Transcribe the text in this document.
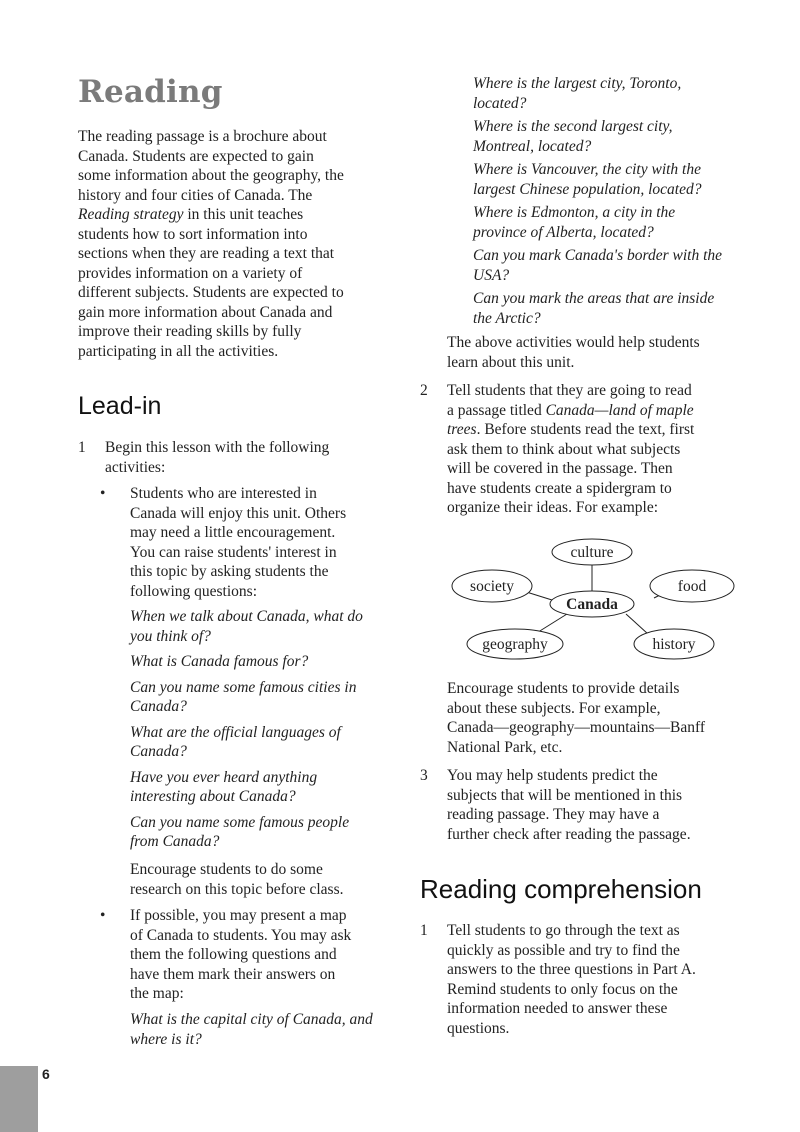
Reading

The reading passage is a brochure about

Canada. Students are expected to gain

some information about the geography, the

history and four cities of Canada. The

Reading strategy in this unit teaches

students how to sort information into

sections when they are reading a text that

provides information on a variety of

different subjects. Students are expected to

gain more information about Canada and

improve their reading skills by fully

participating in all the activities.

Lead-in
1	Begin this lesson with the following

activities:

• Students who are interested in

Canada will enjoy this unit. Others

may need a little encouragement.

You can raise students' interest in

this topic by asking students the

following questions:

When we talk about Canada, what do

you think of?

What is Canada famous for?

Can you name some famous cities in

Canada?

What are the official languages of

Canada?

Have you ever heard anything

interesting about Canada?

Can you name some famous people

from Canada?

Encourage students to do some

research on this topic before class.

• If possible, you may present a map

of Canada to students. You may ask

them the following questions and

have them mark their answers on

the map:

What is the capital city of Canada, and

where is it?

Where is the largest city, Toronto,

located?

Where is the second largest city,

Montreal, located?

Where is Vancouver, the city with the

largest Chinese population, located?

Where is Edmonton, a city in the

province of Alberta, located?

Can you mark Canada's border with the

USA?

Can you mark the areas that are inside

the Arctic?

The above activities would help students

learn about this unit.

2	Tell students that they are going to read

a passage titled Canada—land of maple

trees. Before students read the text, first

ask them to think about what subjects

will be covered in the passage. Then

have students create a spidergram to

organize their ideas. For example:

culture
society
Canada
food
geography	history

Encourage students to provide details

about these subjects. For example,

Canada—geography—mountains—Banff

National Park, etc.

3	You may help students predict the

subjects that will be mentioned in this

reading passage. They may have a

further check after reading the passage.

Reading comprehension
1	Tell students to go through the text as

quickly as possible and try to find the

answers to the three questions in Part A.

Remind students to only focus on the

information needed to answer these

questions.

6
